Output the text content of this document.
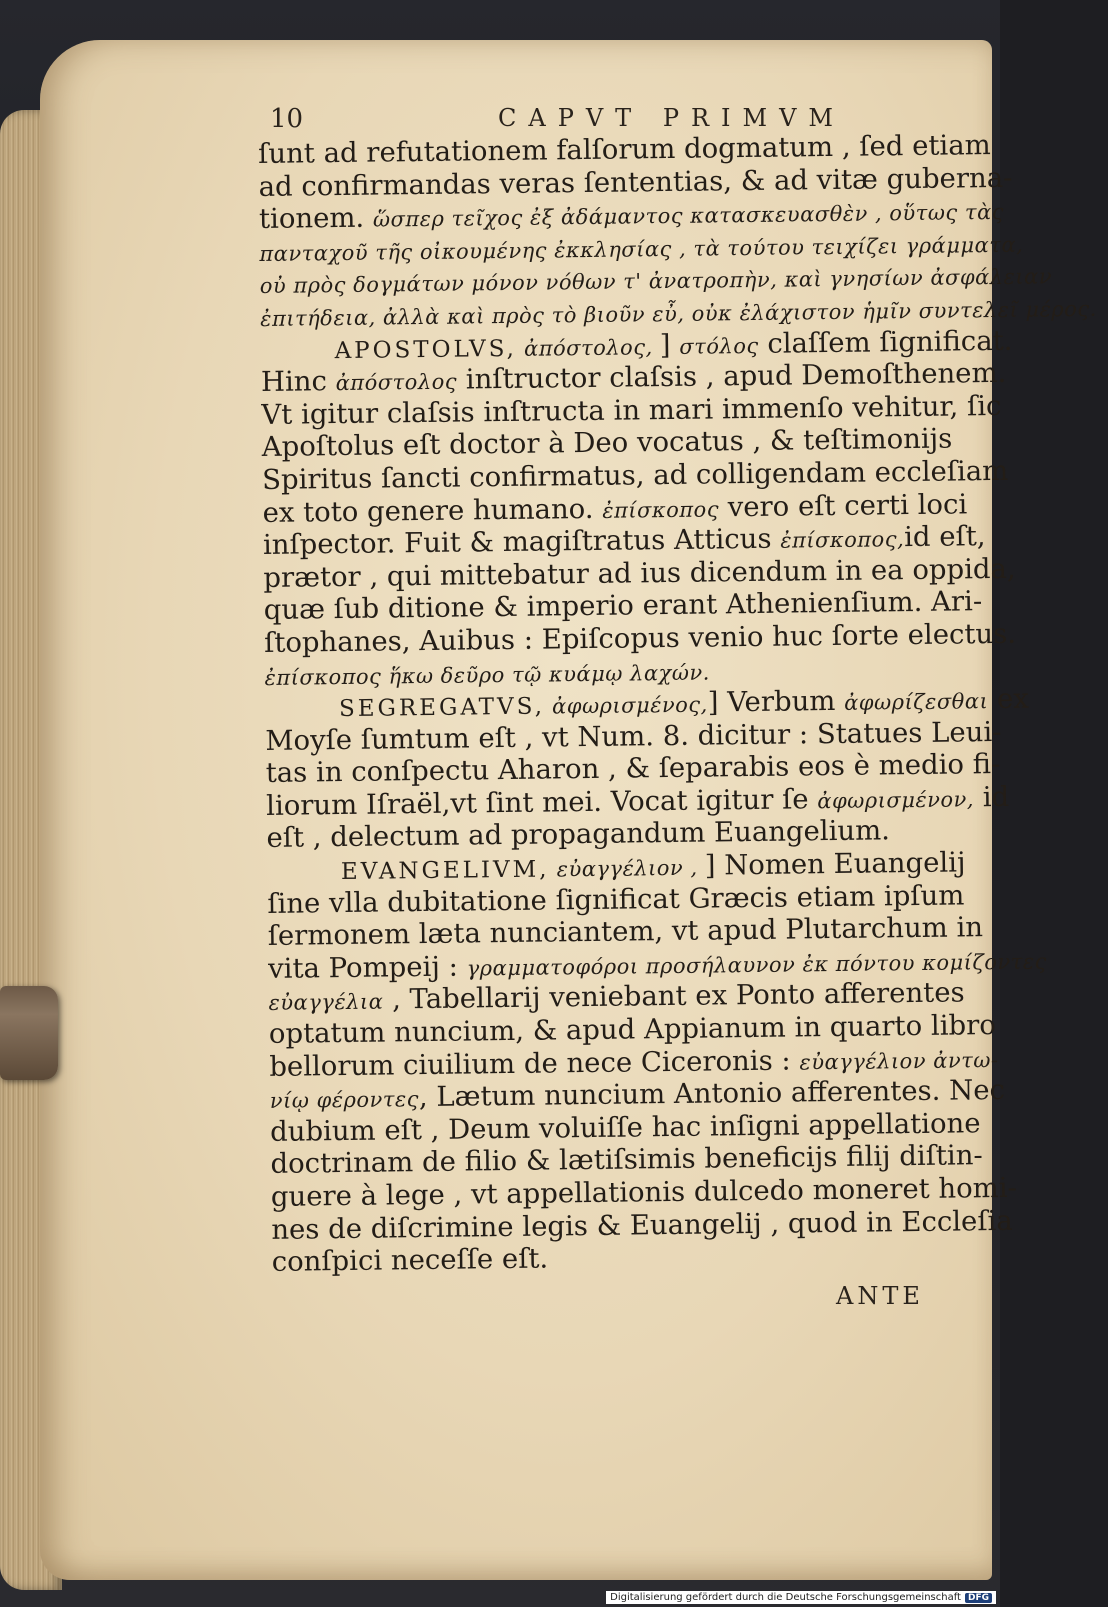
10	CAPVT PRIMVM
ſunt ad refutationem falſorum dogmatum , ſed etiam
ad confirmandas veras ſententias, & ad vitæ guberna-
tionem. ὥσπερ τεῖχος ἐξ ἀδάμαντος κατασκευασθὲν , οὕτως τὰς
πανταχοῦ τῆς οἰκουμένης ἐκκλησίας , τὰ τούτου τειχίζει γράμματα,
οὐ πρὸς δογμάτων μόνον νόθων τ' ἀνατροπὴν, καὶ γνησίων ἀσφάλειαν
ἐπιτήδεια, ἀλλὰ καὶ πρὸς τὸ βιοῦν εὖ, οὐκ ἐλάχιστον ἡμῖν συντελεῖ μέρος.
APOSTOLVS, ἀπόστολος, ] στόλος claſſem ſignificat.
Hinc ἀπόστολος inſtructor claſsis , apud Demoſthenem.
Vt igitur claſsis inſtructa in mari immenſo vehitur, ſic
Apoſtolus eſt doctor à Deo vocatus , & teſtimonijs
Spiritus ſancti confirmatus, ad colligendam eccleſiam
ex toto genere humano. ἐπίσκοπος vero eſt certi loci
inſpector. Fuit & magiſtratus Atticus ἐπίσκοπος,id eſt,
prætor , qui mittebatur ad ius dicendum in ea oppida,
quæ ſub ditione & imperio erant Athenienſium. Ari-
ſtophanes, Auibus : Epiſcopus venio huc ſorte electus.
ἐπίσκοπος ἥκω δεῦρο τῷ κυάμῳ λαχών.
SEGREGATVS, ἀφωρισμένος,] Verbum ἀφωρίζεσθαι ex
Moyſe ſumtum eſt , vt Num. 8. dicitur : Statues Leui-
tas in conſpectu Aharon , & ſeparabis eos è medio fi-
liorum Iſraël,vt ſint mei. Vocat igitur ſe ἀφωρισμένον, id
eſt , delectum ad propagandum Euangelium.
EVANGELIVM, εὐαγγέλιον , ] Nomen Euangelij
ſine vlla dubitatione ſignificat Græcis etiam ipſum
ſermonem læta nunciantem, vt apud Plutarchum in
vita Pompeij : γραμματοφόροι προσήλαυνον ἐκ πόντου κομίζοντες
εὐαγγέλια , Tabellarij veniebant ex Ponto afferentes
optatum nuncium, & apud Appianum in quarto libro
bellorum ciuilium de nece Ciceronis : εὐαγγέλιον ἀντω-
νίῳ φέροντες, Lætum nuncium Antonio afferentes. Nec
dubium eſt , Deum voluiſſe hac inſigni appellatione
doctrinam de filio & lætiſsimis beneficijs filij diſtin-
guere à lege , vt appellationis dulcedo moneret homi-
nes de diſcrimine legis & Euangelij , quod in Eccleſia
conſpici neceſſe eſt.
ANTE
Digitalisierung gefördert durch die Deutsche Forschungsgemeinschaft DFG
